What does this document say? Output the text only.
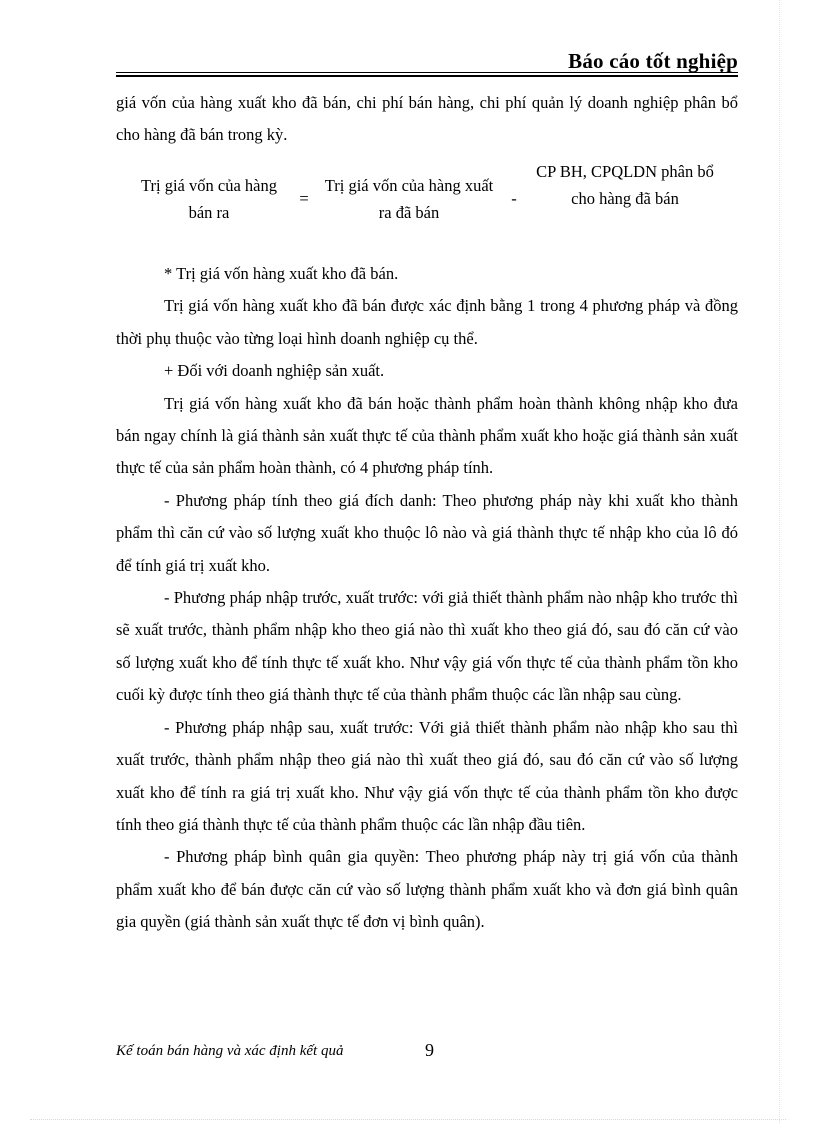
Báo cáo tốt nghiệp

giá vốn của hàng xuất kho đã bán, chi phí bán hàng, chi phí quản lý doanh nghiệp phân bổ cho hàng đã bán trong kỳ.

Trị giá vốn của hàng bán ra
=
Trị giá vốn của hàng xuất ra đã bán
-
CP BH, CPQLDN phân bổ cho hàng đã bán

* Trị giá vốn hàng xuất kho đã bán.

Trị giá vốn hàng xuất kho đã bán được xác định bằng 1 trong 4 phương pháp và đồng thời phụ thuộc vào từng loại hình doanh nghiệp cụ thể.

+ Đối với doanh nghiệp sản xuất.

Trị giá vốn hàng xuất kho đã bán hoặc thành phẩm hoàn thành không nhập kho đưa bán ngay chính là giá thành sản xuất thực tế của thành phẩm xuất kho hoặc giá thành sản xuất thực tế của sản phẩm hoàn thành, có 4 phương pháp tính.

- Phương pháp tính theo giá đích danh: Theo phương pháp này khi xuất kho thành phẩm thì căn cứ vào số lượng xuất kho thuộc lô nào và giá thành thực tế nhập kho của lô đó để tính giá trị xuất kho.

- Phương pháp nhập trước, xuất trước: với giả thiết thành phẩm nào nhập kho trước thì sẽ xuất trước, thành phẩm nhập kho theo giá nào thì xuất kho theo giá đó, sau đó căn cứ vào số lượng xuất kho để tính thực tế xuất kho. Như vậy giá vốn thực tế của thành phẩm tồn kho cuối kỳ được tính theo giá thành thực tế của thành phẩm thuộc các lần nhập sau cùng.

- Phương pháp nhập sau, xuất trước: Với giả thiết thành phẩm nào nhập kho sau thì xuất trước, thành phẩm nhập theo giá nào thì xuất theo giá đó, sau đó căn cứ vào số lượng xuất kho để tính ra giá trị xuất kho. Như vậy giá vốn thực tế của thành phẩm tồn kho được tính theo giá thành thực tế của thành phẩm thuộc các lần nhập đầu tiên.

- Phương pháp bình quân gia quyền: Theo phương pháp này trị giá vốn của thành phẩm xuất kho để bán được căn cứ vào số lượng thành phẩm xuất kho và đơn giá bình quân gia quyền (giá thành sản xuất thực tế đơn vị bình quân).

Kế toán bán hàng và xác định kết quả	9
